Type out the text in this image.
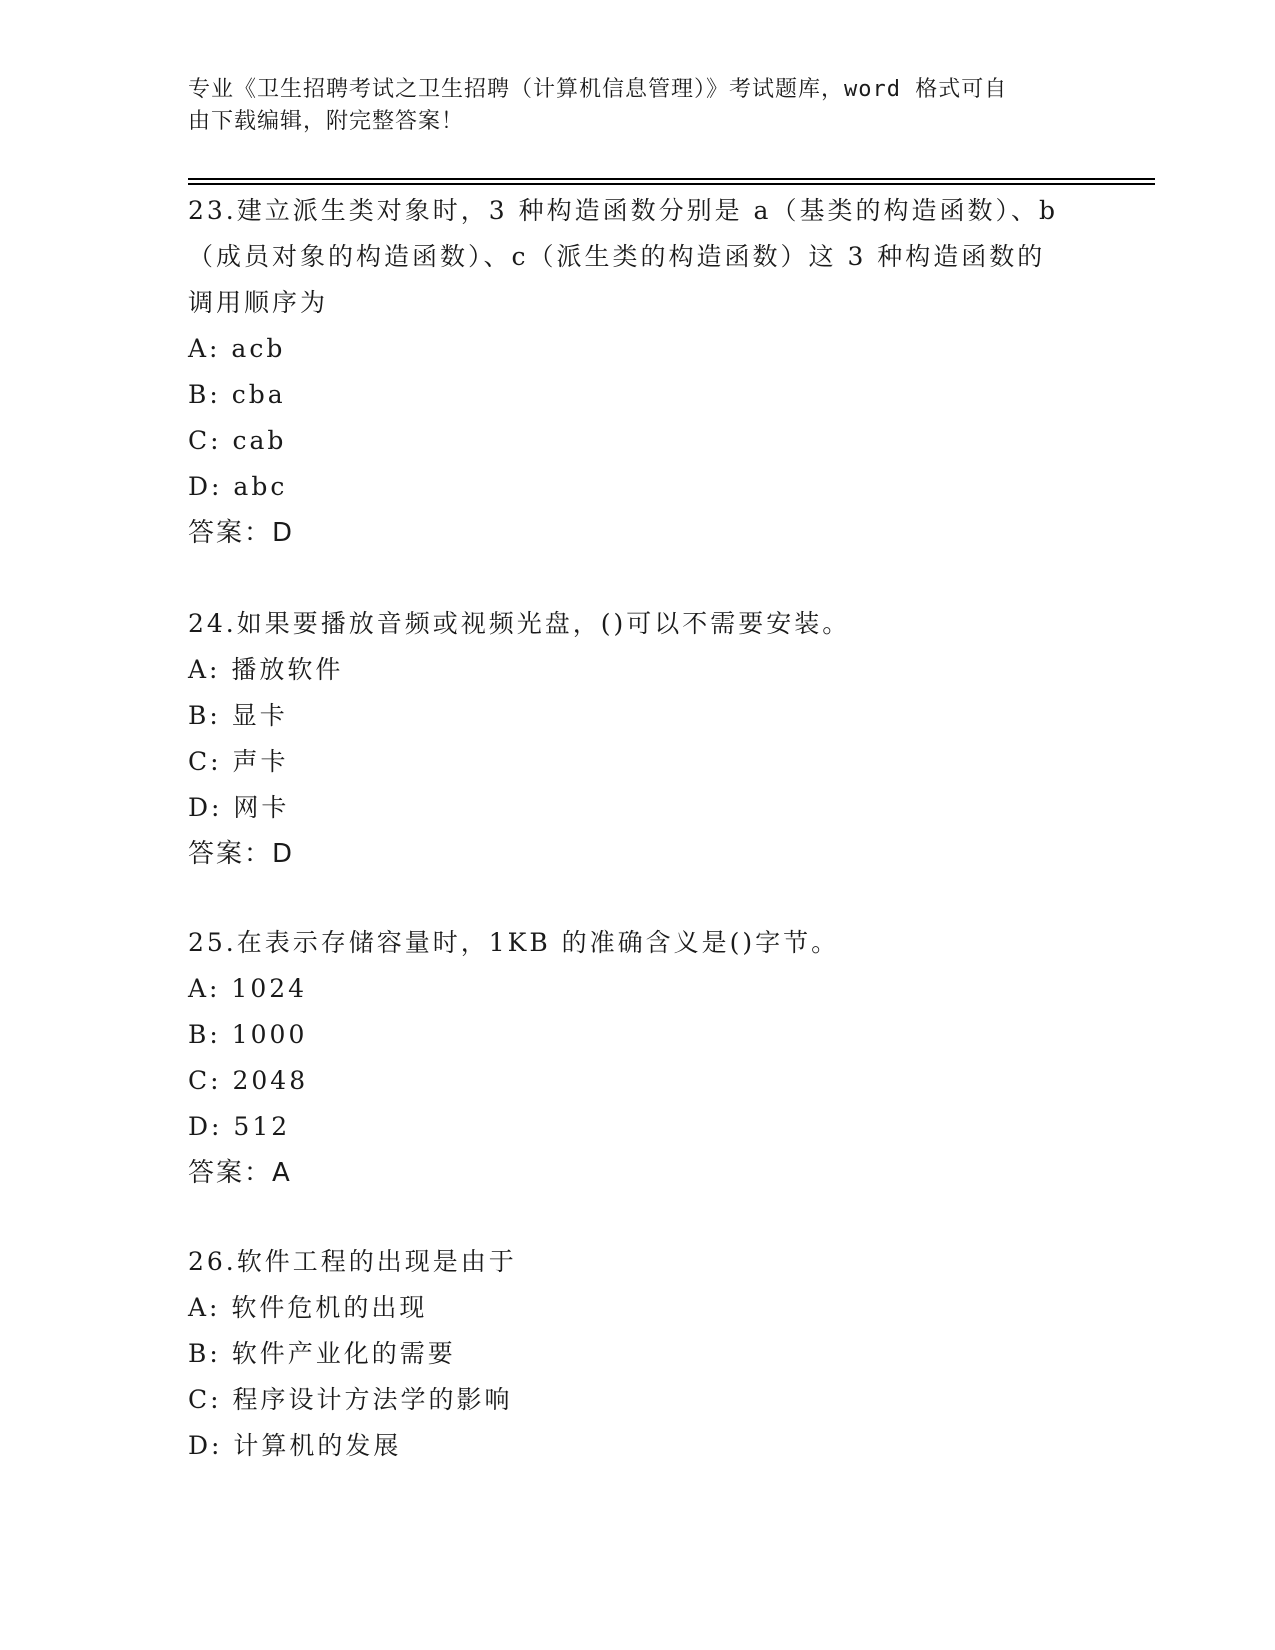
专业《卫生招聘考试之卫生招聘（计算机信息管理）》考试题库，word 格式可自
由下载编辑，附完整答案！

23.建立派生类对象时，3 种构造函数分别是 a（基类的构造函数）、b

（成员对象的构造函数）、c（派生类的构造函数）这 3 种构造函数的

调用顺序为

A: acb

B: cba

C: cab

D: abc

答案：D

24.如果要播放音频或视频光盘，()可以不需要安装。

A: 播放软件

B: 显卡

C: 声卡

D: 网卡

答案：D

25.在表示存储容量时，1KB 的准确含义是()字节。

A: 1024

B: 1000

C: 2048

D: 512

答案：A

26.软件工程的出现是由于

A: 软件危机的出现

B: 软件产业化的需要

C: 程序设计方法学的影响

D: 计算机的发展
